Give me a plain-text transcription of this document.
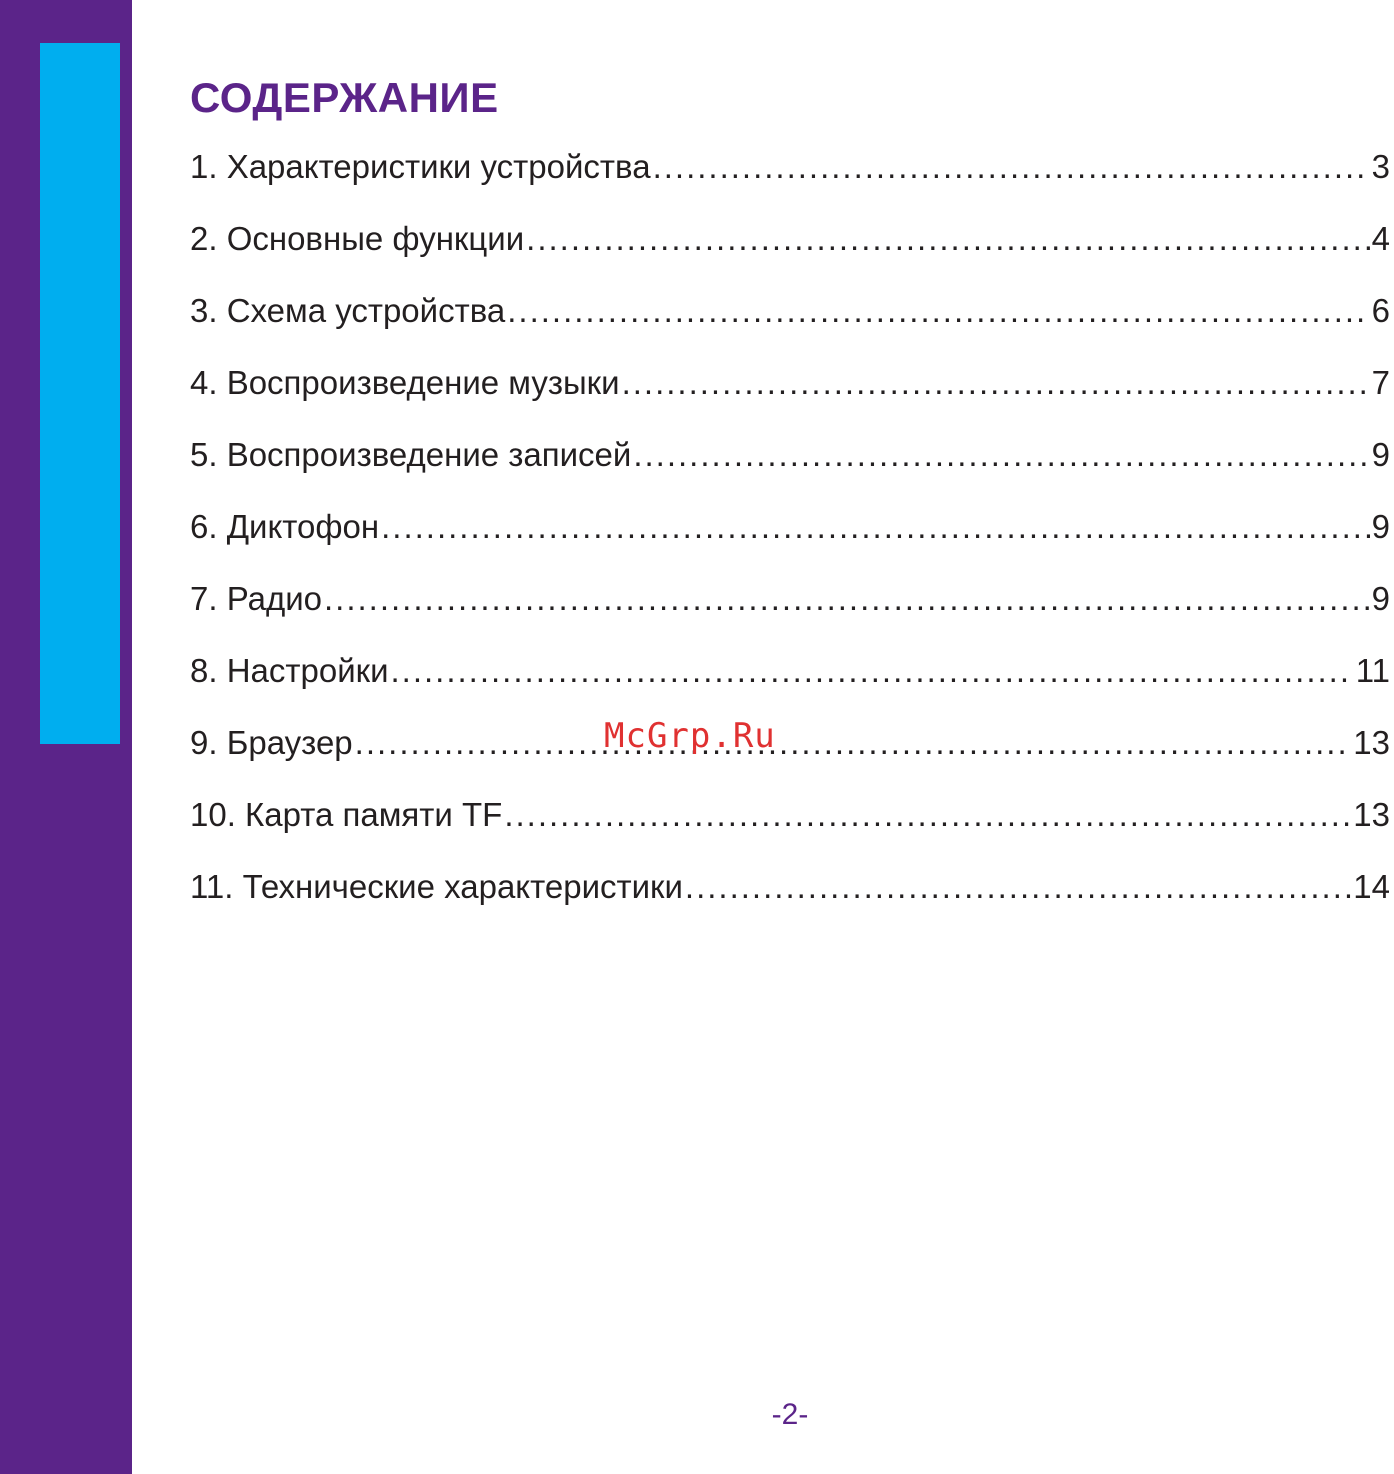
СОДЕРЖАНИЕ
1. Характеристики устройства .....	3
2. Основные функции .....	4
3. Схема устройства .....	6
4. Воспроизведение музыки .....	7
5. Воспроизведение записей .....	9
6. Диктофон .....	9
7. Радио .....	9
8. Настройки .....	11
9. Браузер .....	13
10. Карта памяти TF .....	13
11. Технические характеристики .....	14
McGrp.Ru
-2-
